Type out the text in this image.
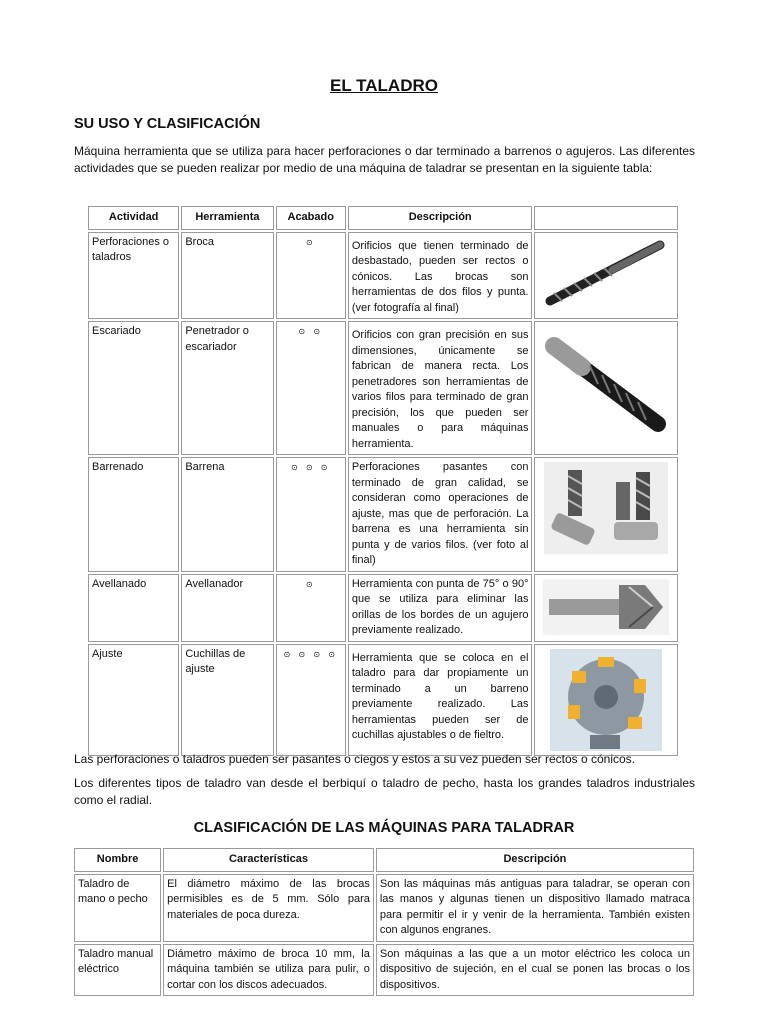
EL TALADRO
SU USO Y CLASIFICACIÓN
Máquina herramienta que se utiliza para hacer perforaciones o dar terminado a barrenos o agujeros. Las diferentes actividades que se pueden realizar por medio de una máquina de taladrar se presentan en la siguiente tabla:
Actividad	Herramienta	Acabado	Descripción	
Perforaciones o taladros	Broca	⊙	Orificios que tienen terminado de desbastado, pueden ser rectos o cónicos. Las brocas son herramientas de dos filos y punta. (ver fotografía al final)	

Escariado	Penetrador o escariador	⊙ ⊙	Orificios con gran precisión en sus dimensiones, únicamente se fabrican de manera recta. Los penetradores son herramientas de varios filos para terminado de gran precisión, los que pueden ser manuales o para máquinas herramienta.	

Barrenado	Barrena	⊙ ⊙ ⊙	Perforaciones pasantes con terminado de gran calidad, se consideran como operaciones de ajuste, mas que de perforación. La barrena es una herramienta sin punta y de varios filos. (ver foto al final)	

Avellanado	Avellanador	⊙	Herramienta con punta de 75° o 90° que se utiliza para eliminar las orillas de los bordes de un agujero previamente realizado.	

Ajuste	Cuchillas de ajuste	⊙ ⊙ ⊙ ⊙	Herramienta que se coloca en el taladro para dar propiamente un terminado a un barreno previamente realizado. Las herramientas pueden ser de cuchillas ajustables o de fieltro.	
Las perforaciones o taladros pueden ser pasantes o ciegos y estos a su vez pueden ser rectos o cónicos.
Los diferentes tipos de taladro van desde el berbiquí o taladro de pecho, hasta los grandes taladros industriales como el radial.
CLASIFICACIÓN DE LAS MÁQUINAS PARA TALADRAR
Nombre	Características	Descripción
Taladro de mano o pecho	El diámetro máximo de las brocas permisibles es de 5 mm. Sólo para materiales de poca dureza.	Son las máquinas más antiguas para taladrar, se operan con las manos y algunas tienen un dispositivo llamado matraca para permitir el ir y venir de la herramienta. También existen con algunos engranes.
Taladro manual eléctrico	Diámetro máximo de broca 10 mm, la máquina también se utiliza para pulir, o cortar con los discos adecuados.	Son máquinas a las que a un motor eléctrico les coloca un dispositivo de sujeción, en el cual se ponen las brocas o los dispositivos.
